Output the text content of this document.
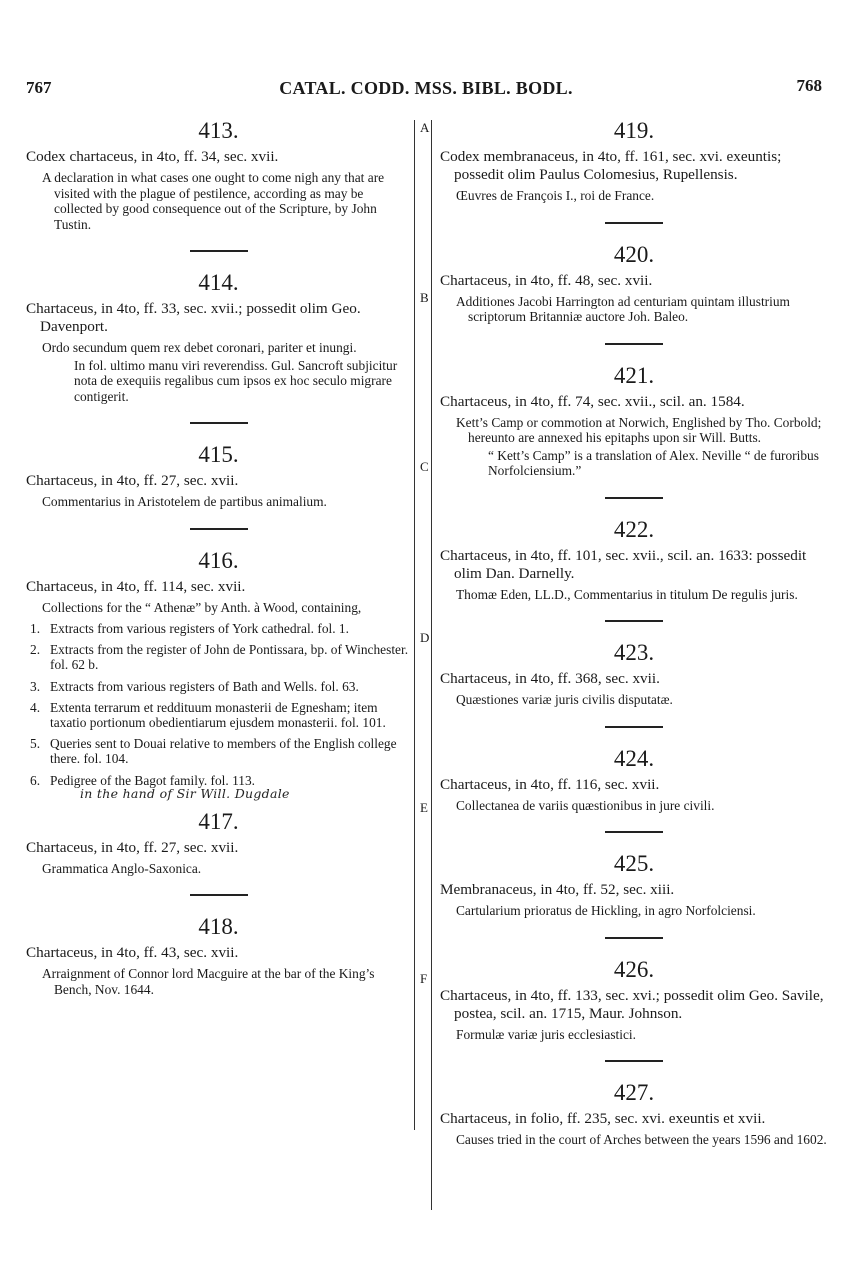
767	CATAL. CODD. MSS. BIBL. BODL.	768
A
B
C
D
E
F
413.

Codex chartaceus, in 4to, ff. 34, sec. xvii.

A declaration in what cases one ought to come nigh any that are visited with the plague of pestilence, according as may be collected by good consequence out of the Scripture, by John Tustin.

414.

Chartaceus, in 4to, ff. 33, sec. xvii.; possedit olim Geo. Davenport.

Ordo secundum quem rex debet coronari, pariter et inungi.

In fol. ultimo manu viri reverendiss. Gul. Sancroft subjicitur nota de exequiis regalibus cum ipsos ex hoc seculo migrare contigerit.

415.

Chartaceus, in 4to, ff. 27, sec. xvii.

Commentarius in Aristotelem de partibus animalium.

416.

Chartaceus, in 4to, ff. 114, sec. xvii.

Collections for the “ Athenæ” by Anth. à Wood, containing,

1. Extracts from various registers of York cathedral. fol. 1.
2. Extracts from the register of John de Pontissara, bp. of Winchester. fol. 62 b.
3. Extracts from various registers of Bath and Wells. fol. 63.
4. Extenta terrarum et reddituum monasterii de Egnesham; item taxatio portionum obedientiarum ejusdem monasterii. fol. 101.
5. Queries sent to Douai relative to members of the English college there. fol. 104.
6. Pedigree of the Bagot family. fol. 113.
in the hand of Sir Will. Dugdale
417.

Chartaceus, in 4to, ff. 27, sec. xvii.

Grammatica Anglo-Saxonica.

418.

Chartaceus, in 4to, ff. 43, sec. xvii.

Arraignment of Connor lord Macguire at the bar of the King’s Bench, Nov. 1644.

419.

Codex membranaceus, in 4to, ff. 161, sec. xvi. exeuntis; possedit olim Paulus Colomesius, Rupellensis.

Œuvres de François I., roi de France.

420.

Chartaceus, in 4to, ff. 48, sec. xvii.

Additiones Jacobi Harrington ad centuriam quintam illustrium scriptorum Britanniæ auctore Joh. Baleo.

421.

Chartaceus, in 4to, ff. 74, sec. xvii., scil. an. 1584.

Kett’s Camp or commotion at Norwich, Englished by Tho. Corbold; hereunto are annexed his epitaphs upon sir Will. Butts.

“ Kett’s Camp” is a translation of Alex. Neville “ de furoribus Norfolciensium.”

422.

Chartaceus, in 4to, ff. 101, sec. xvii., scil. an. 1633: possedit olim Dan. Darnelly.

Thomæ Eden, LL.D., Commentarius in titulum De regulis juris.

423.

Chartaceus, in 4to, ff. 368, sec. xvii.

Quæstiones variæ juris civilis disputatæ.

424.

Chartaceus, in 4to, ff. 116, sec. xvii.

Collectanea de variis quæstionibus in jure civili.

425.

Membranaceus, in 4to, ff. 52, sec. xiii.

Cartularium prioratus de Hickling, in agro Norfolciensi.

426.

Chartaceus, in 4to, ff. 133, sec. xvi.; possedit olim Geo. Savile, postea, scil. an. 1715, Maur. Johnson.

Formulæ variæ juris ecclesiastici.

427.

Chartaceus, in folio, ff. 235, sec. xvi. exeuntis et xvii.

Causes tried in the court of Arches between the years 1596 and 1602.
